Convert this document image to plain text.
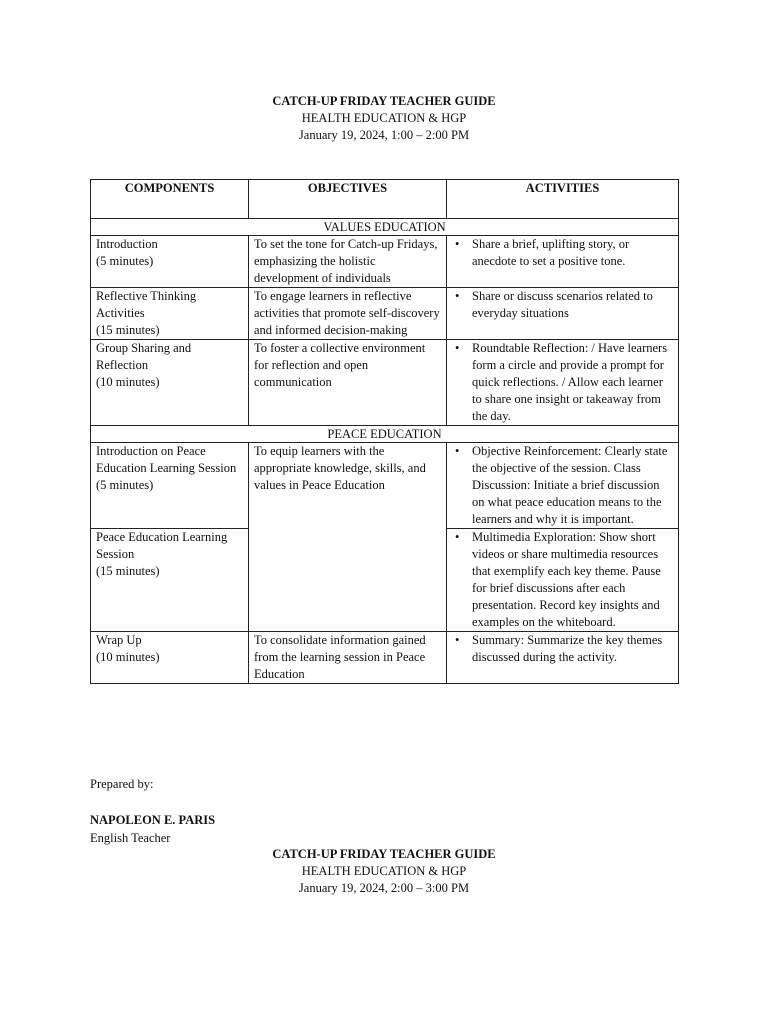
CATCH-UP FRIDAY TEACHER GUIDE
HEALTH EDUCATION & HGP
January 19, 2024, 1:00 – 2:00 PM
COMPONENTS	OBJECTIVES	ACTIVITIES
VALUES EDUCATION		

Introduction
(5 minutes)	To set the tone for Catch-up Fridays, emphasizing the holistic development of individuals	• Share a brief, uplifting story, or anecdote to set a positive tone.

Reflective Thinking Activities
(15 minutes)	To engage learners in reflective activities that promote self-discovery and informed decision-making	• Share or discuss scenarios related to everyday situations

Group Sharing and Reflection
(10 minutes)	To foster a collective environment for reflection and open communication	• Roundtable Reflection: / Have learners form a circle and provide a prompt for quick reflections. / Allow each learner to share one insight or takeaway from the day.

PEACE EDUCATION		

Introduction on Peace Education Learning Session
(5 minutes)	To equip learners with the appropriate knowledge, skills, and values in Peace Education	• Objective Reinforcement: Clearly state the objective of the session. Class Discussion: Initiate a brief discussion on what peace education means to the learners and why it is important.

Peace Education Learning Session
(15 minutes)		• Multimedia Exploration: Show short videos or share multimedia resources that exemplify each key theme. Pause for brief discussions after each presentation. Record key insights and examples on the whiteboard.

Wrap Up
(10 minutes)	To consolidate information gained from the learning session in Peace Education	• Summary: Summarize the key themes discussed during the activity.
Prepared by:
NAPOLEON E. PARIS
English Teacher
CATCH-UP FRIDAY TEACHER GUIDE
HEALTH EDUCATION & HGP
January 19, 2024, 2:00 – 3:00 PM
